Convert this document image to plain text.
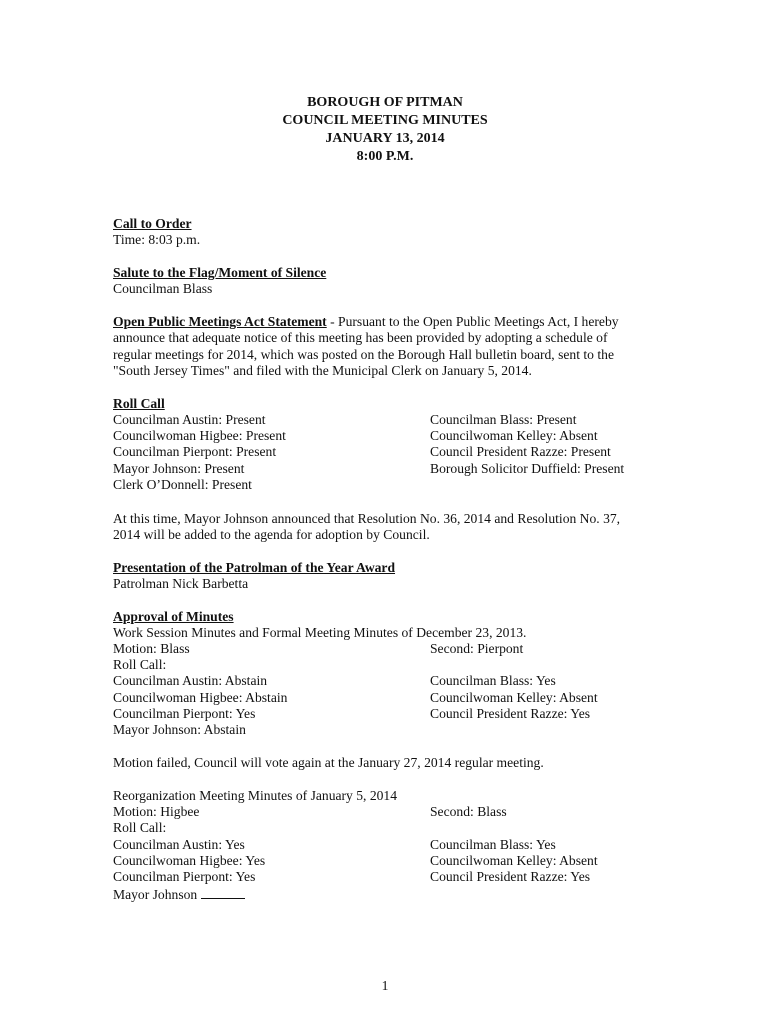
BOROUGH OF PITMAN

COUNCIL MEETING MINUTES

JANUARY 13, 2014

8:00 P.M.

Call to Order

Time: 8:03 p.m.

Salute to the Flag/Moment of Silence

Councilman Blass

Open Public Meetings Act Statement - Pursuant to the Open Public Meetings Act, I hereby announce that adequate notice of this meeting has been provided by adopting a schedule of regular meetings for 2014, which was posted on the Borough Hall bulletin board, sent to the "South Jersey Times" and filed with the Municipal Clerk on January 5, 2014.

Roll Call

Councilman Austin: Present

Councilwoman Higbee: Present

Councilman Pierpont: Present

Mayor Johnson: Present

Clerk O’Donnell: Present

Councilman Blass: Present

Councilwoman Kelley: Absent

Council President Razze: Present

Borough Solicitor Duffield: Present

At this time, Mayor Johnson announced that Resolution No. 36, 2014 and Resolution No. 37, 2014 will be added to the agenda for adoption by Council.

Presentation of the Patrolman of the Year Award

Patrolman Nick Barbetta

Approval of Minutes

Work Session Minutes and Formal Meeting Minutes of December 23, 2013.

Motion: Blass	Second: Pierpont

Roll Call:

Councilman Austin: Abstain

Councilwoman Higbee: Abstain

Councilman Pierpont: Yes

Mayor Johnson: Abstain

Councilman Blass: Yes

Councilwoman Kelley: Absent

Council President Razze: Yes

Motion failed, Council will vote again at the January 27, 2014 regular meeting.

Reorganization Meeting Minutes of January 5, 2014

Motion: Higbee	Second: Blass

Roll Call:

Councilman Austin: Yes

Councilwoman Higbee: Yes

Councilman Pierpont: Yes

Councilman Blass: Yes

Councilwoman Kelley: Absent

Council President Razze: Yes

Mayor Johnson

1
